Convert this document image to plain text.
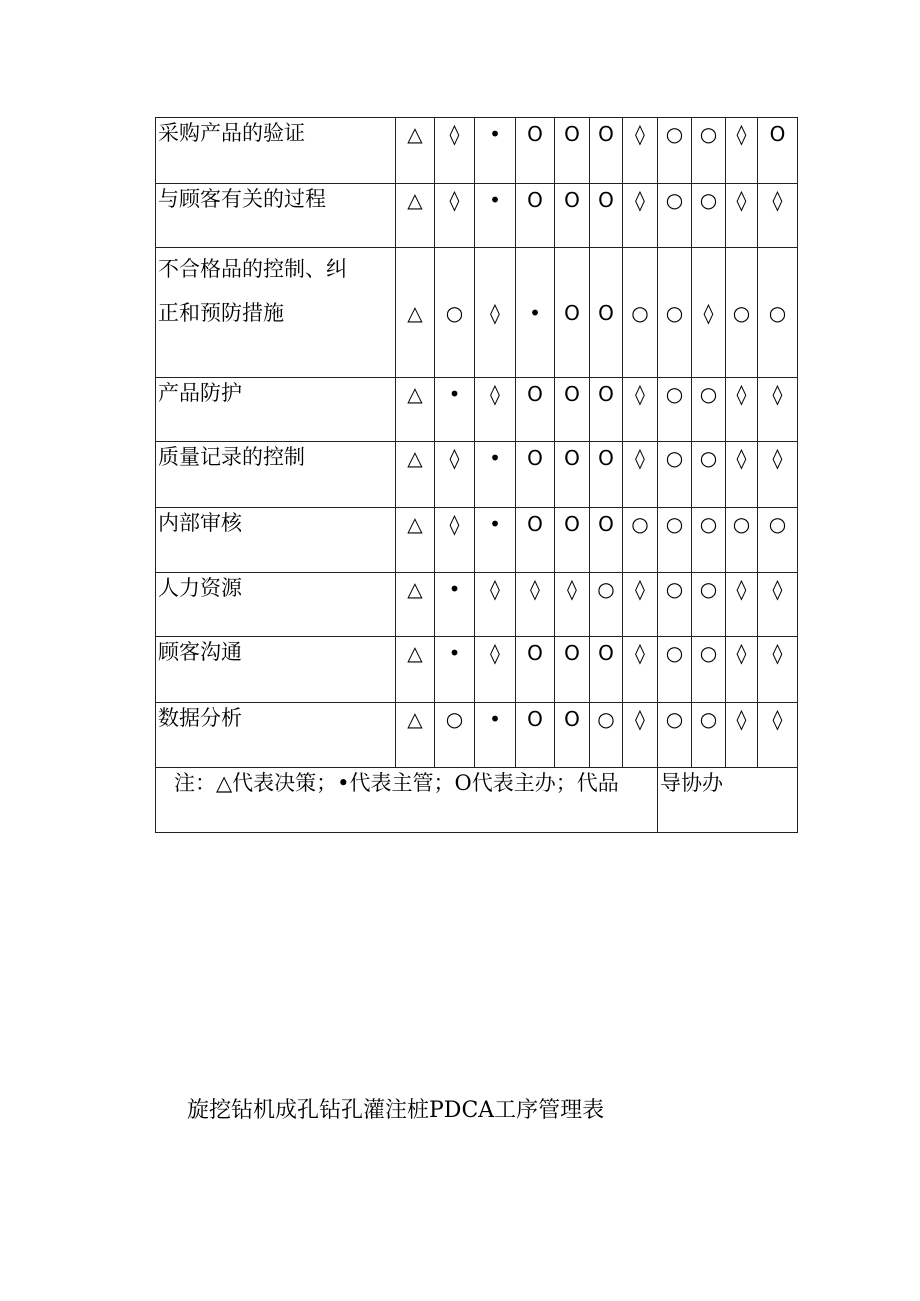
采购产品的验证	△	◊	•	O	O	O	◊	○	○	◊	O
与顾客有关的过程	△	◊	•	O	O	O	◊	○	○	◊	◊

不合格品的控制、纠
正和预防措施	△	○	◊	•	O	O	○	○	◊	○	○
产品防护	△	•	◊	O	O	O	◊	○	○	◊	◊
质量记录的控制	△	◊	•	O	O	O	◊	○	○	◊	◊
内部审核	△	◊	•	O	O	O	○	○	○	○	○
人力资源	△	•	◊	◊	◊	○	◊	○	○	◊	◊
顾客沟通	△	•	◊	O	O	O	◊	○	○	◊	◊
数据分析	△	○	•	O	O	○	◊	○	○	◊	◊
注：△代表决策；•代表主管；O代表主办；代品								导协办			
旋挖钻机成孔钻孔灌注桩PDCA工序管理表
